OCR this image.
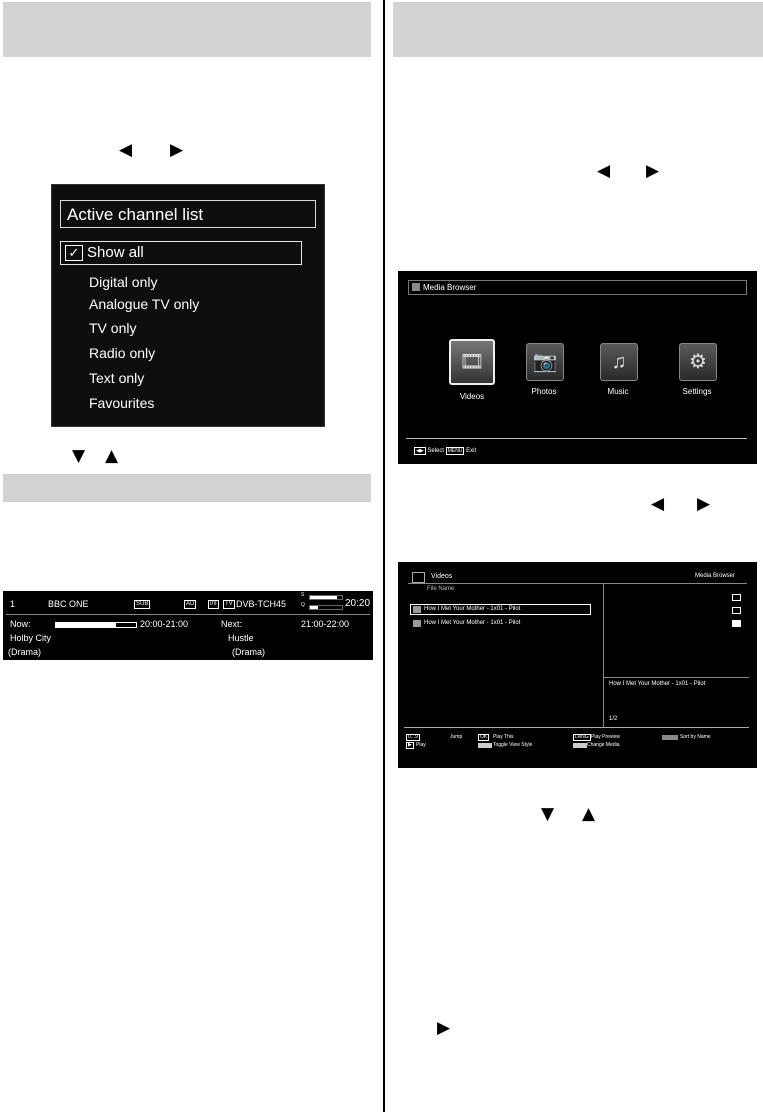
◀ ▶
▼ ▲
◀ ▶
◀ ▶
▼ ▲
▶
Active channel list
✓ Show all
Digital only
Analogue TV only
TV only
Radio only
Text only
Favourites
1	BBC ONE	SUB	AD	I/II	TV DVB-T CH45
S
Q	20:20
Now:	20:00-21:00	Next:	21:00-22:00
Holby City	Hustle
(Drama)	(Drama)
Media Browser
🎞
Videos
📷
Photos
♫
Music
⚙
Settings
◀▶ Select MENU Exit
Videos	Media Browser
File Name
How I Met Your Mother - 1x01 - Pilot
How I Met Your Mother - 1x01 - Pilot
How I Met Your Mother - 1x01 - Pilot
1/2
0...9	Jump	OK	Play This	LANG Play Preview	Sort by Name
▶ Play	Toggle View Style	Change Media
